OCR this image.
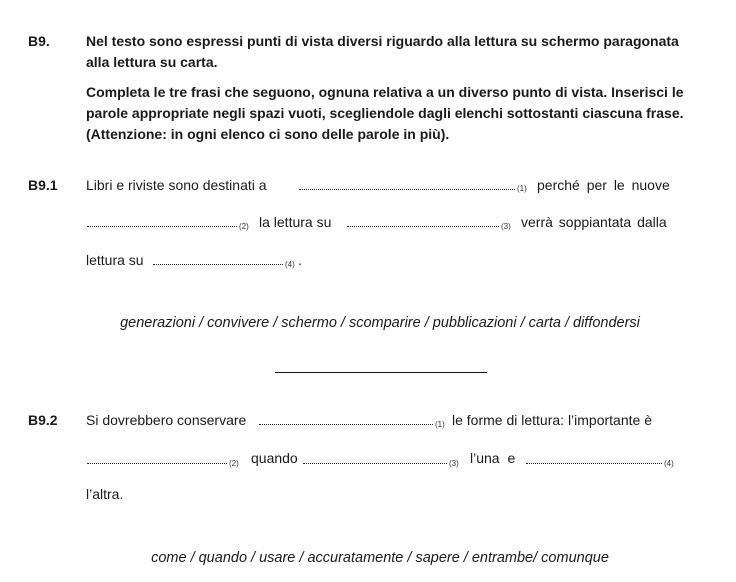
B9.	Nel testo sono espressi punti di vista diversi riguardo alla lettura su schermo paragonata
alla lettura su carta.
Completa le tre frasi che seguono, ognuna relativa a un diverso punto di vista. Inserisci le
parole appropriate negli spazi vuoti, scegliendole dagli elenchi sottostanti ciascuna frase.
(Attenzione: in ogni elenco ci sono delle parole in più).
B9.1 Libri e riviste sono destinati a	(1) perché per le nuove
(2) la lettura su	(3) verrà soppiantata dalla
lettura su	(4) .
generazioni / convivere / schermo / scomparire / pubblicazioni / carta / diffondersi
B9.2 Si dovrebbero conservare	(1) le forme di lettura: l’importante è
(2) quando	(3) l’una e	(4)
l’altra.
come / quando / usare / accuratamente / sapere / entrambe/ comunque
